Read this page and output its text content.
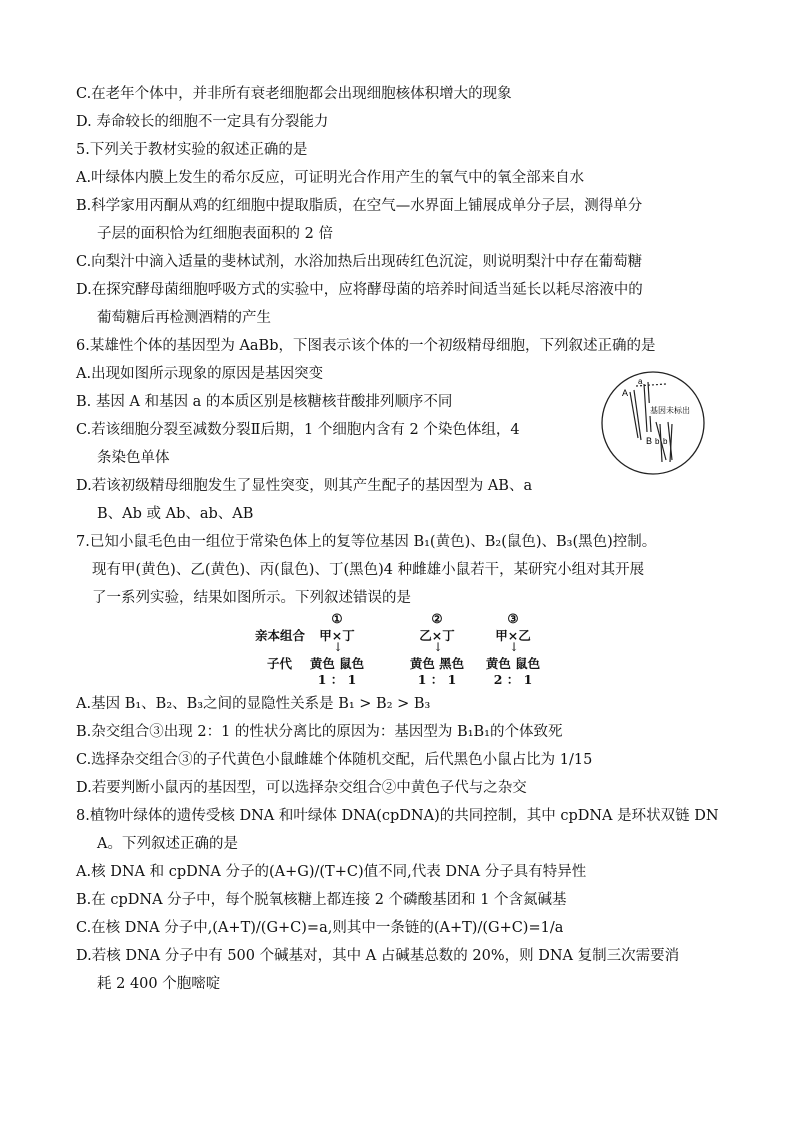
C.在老年个体中，并非所有衰老细胞都会出现细胞核体积增大的现象
D. 寿命较长的细胞不一定具有分裂能力
5.下列关于教材实验的叙述正确的是
A.叶绿体内膜上发生的希尔反应，可证明光合作用产生的氧气中的氧全部来自水
B.科学家用丙酮从鸡的红细胞中提取脂质，在空气—水界面上铺展成单分子层，测得单分
子层的面积恰为红细胞表面积的 2 倍
C.向梨汁中滴入适量的斐林试剂，水浴加热后出现砖红色沉淀，则说明梨汁中存在葡萄糖
D.在探究酵母菌细胞呼吸方式的实验中，应将酵母菌的培养时间适当延长以耗尽溶液中的
葡萄糖后再检测酒精的产生
6.某雄性个体的基因型为 AaBb，下图表示该个体的一个初级精母细胞，下列叙述正确的是
A.出现如图所示现象的原因是基因突变
B. 基因 A 和基因 a 的本质区别是核糖核苷酸排列顺序不同
C.若该细胞分裂至减数分裂Ⅱ后期，1 个细胞内含有 2 个染色体组，4
条染色单体
D.若该初级精母细胞发生了显性突变，则其产生配子的基因型为 AB、a
B、Ab 或 Ab、ab、AB
7.已知小鼠毛色由一组位于常染色体上的复等位基因 B₁(黄色)、B₂(鼠色)、B₃(黑色)控制。
现有甲(黄色)、乙(黄色)、丙(鼠色)、丁(黑色)4 种雌雄小鼠若干，某研究小组对其开展
了一系列实验，结果如图所示。下列叙述错误的是
A
a
基因未标出
B b b
亲本组合
子代
①
甲×丁
↓
黄色 鼠色
1 ： 1
②
乙×丁
↓
黄色 黑色
1 ： 1
③
甲×乙
↓
黄色 鼠色
2 ： 1
A.基因 B₁、B₂、B₃之间的显隐性关系是 B₁ > B₂ > B₃
B.杂交组合③出现 2：1 的性状分离比的原因为：基因型为 B₁B₁的个体致死
C.选择杂交组合③的子代黄色小鼠雌雄个体随机交配，后代黑色小鼠占比为 1/15
D.若要判断小鼠丙的基因型，可以选择杂交组合②中黄色子代与之杂交
8.植物叶绿体的遗传受核 DNA 和叶绿体 DNA(cpDNA)的共同控制，其中 cpDNA 是环状双链 DN
A。下列叙述正确的是
A.核 DNA 和 cpDNA 分子的(A+G)/(T+C)值不同,代表 DNA 分子具有特异性
B.在 cpDNA 分子中，每个脱氧核糖上都连接 2 个磷酸基团和 1 个含氮碱基
C.在核 DNA 分子中,(A+T)/(G+C)=a,则其中一条链的(A+T)/(G+C)=1/a
D.若核 DNA 分子中有 500 个碱基对，其中 A 占碱基总数的 20%，则 DNA 复制三次需要消
耗 2 400 个胞嘧啶
